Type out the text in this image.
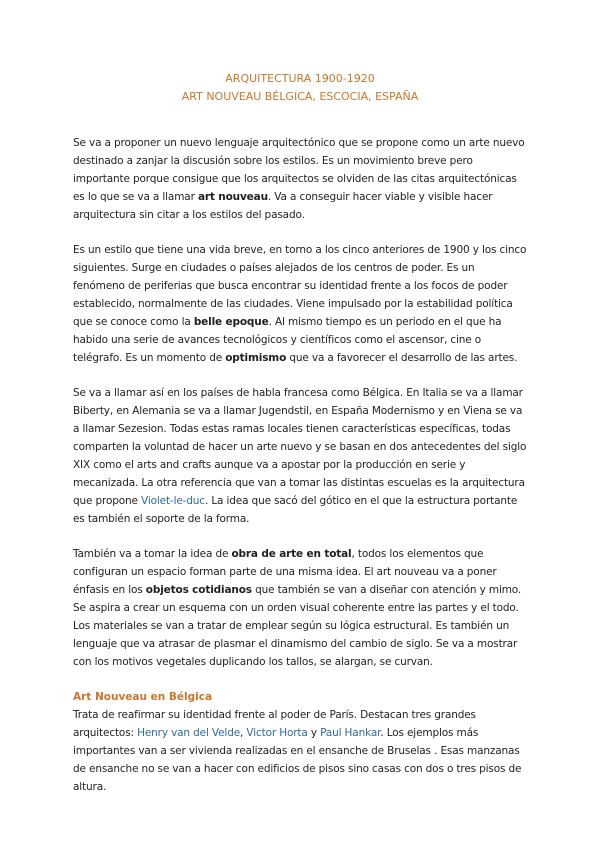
ARQUITECTURA 1900-1920
ART NOUVEAU BÉLGICA, ESCOCIA, ESPAÑA

Se va a proponer un nuevo lenguaje arquitectónico que se propone como un arte nuevo destinado a zanjar la discusión sobre los estilos. Es un movimiento breve pero importante porque consigue que los arquitectos se olviden de las citas arquitectónicas es lo que se va a llamar art nouveau. Va a conseguir hacer viable y visible hacer arquitectura sin citar a los estilos del pasado.

Es un estilo que tiene una vida breve, en torno a los cinco anteriores de 1900 y los cinco siguientes. Surge en ciudades o países alejados de los centros de poder. Es un fenómeno de periferias que busca encontrar su identidad frente a los focos de poder establecido, normalmente de las ciudades. Viene impulsado por la estabilidad política que se conoce como la belle epoque. Al mismo tiempo es un periodo en el que ha habido una serie de avances tecnológicos y científicos como el ascensor, cine o telégrafo. Es un momento de optimismo que va a favorecer el desarrollo de las artes.

Se va a llamar así en los países de habla francesa como Bélgica. En Italia se va a llamar Biberty, en Alemania se va a llamar Jugendstil, en España Modernismo y en Viena se va a llamar Sezesion. Todas estas ramas locales tienen características específicas, todas comparten la voluntad de hacer un arte nuevo y se basan en dos antecedentes del siglo XIX como el arts and crafts aunque va a apostar por la producción en serie y mecanizada. La otra referencia que van a tomar las distintas escuelas es la arquitectura que propone Violet-le-duc. La idea que sacó del gótico en el que la estructura portante es también el soporte de la forma.

También va a tomar la idea de obra de arte en total, todos los elementos que configuran un espacio forman parte de una misma idea. El art nouveau va a poner énfasis en los objetos cotidianos que también se van a diseñar con atención y mimo. Se aspira a crear un esquema con un orden visual coherente entre las partes y el todo. Los materiales se van a tratar de emplear según su lógica estructural. Es también un lenguaje que va atrasar de plasmar el dinamismo del cambio de siglo. Se va a mostrar con los motivos vegetales duplicando los tallos, se alargan, se curvan.

Art Nouveau en Bélgica

Trata de reafirmar su identidad frente al poder de París. Destacan tres grandes arquitectos: Henry van del Velde, Victor Horta y Paul Hankar. Los ejemplos más importantes van a ser vivienda realizadas en el ensanche de Bruselas . Esas manzanas de ensanche no se van a hacer con edificios de pisos sino casas con dos o tres pisos de altura.
